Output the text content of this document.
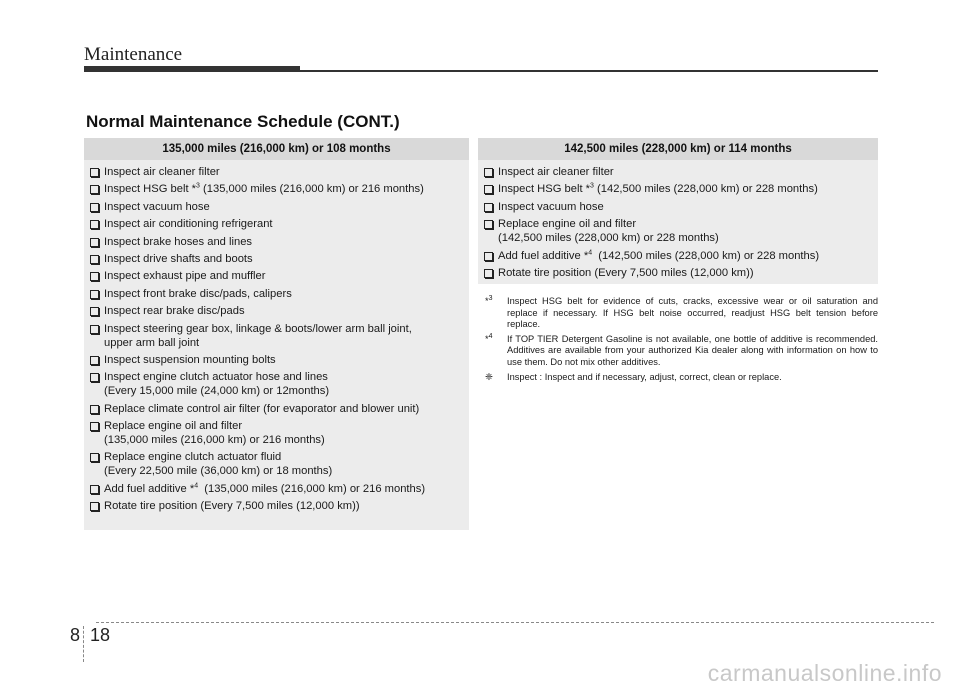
Maintenance
Normal Maintenance Schedule (CONT.)
135,000 miles (216,000 km) or 108 months
Inspect air cleaner filter
Inspect HSG belt *$^3$ (135,000 miles (216,000 km) or 216 months)
Inspect vacuum hose
Inspect air conditioning refrigerant
Inspect brake hoses and lines
Inspect drive shafts and boots
Inspect exhaust pipe and muffler
Inspect front brake disc/pads, calipers
Inspect rear brake disc/pads
Inspect steering gear box, linkage & boots/lower arm ball joint,
upper arm ball joint
Inspect suspension mounting bolts
Inspect engine clutch actuator hose and lines
(Every 15,000 mile (24,000 km) or 12months)
Replace climate control air filter (for evaporator and blower unit)
Replace engine oil and filter
(135,000 miles (216,000 km) or 216 months)
Replace engine clutch actuator fluid
(Every 22,500 mile (36,000 km) or 18 months)
Add fuel additive *$^4$  (135,000 miles (216,000 km) or 216 months)
Rotate tire position (Every 7,500 miles (12,000 km))
142,500 miles (228,000 km) or 114 months
Inspect air cleaner filter
Inspect HSG belt *$^3$ (142,500 miles (228,000 km) or 228 months)
Inspect vacuum hose
Replace engine oil and filter
(142,500 miles (228,000 km) or 228 months)
Add fuel additive *$^4$  (142,500 miles (228,000 km) or 228 months)
Rotate tire position (Every 7,500 miles (12,000 km))
*$^3$	Inspect HSG belt for evidence of cuts, cracks, excessive wear or oil saturation and replace if necessary. If HSG belt noise occurred, readjust HSG belt tension before replace.
*$^4$	If TOP TIER Detergent Gasoline is not available, one bottle of additive is recommended. Additives are available from your authorized Kia dealer along with information on how to use them. Do not mix other additives.
❈	Inspect : Inspect and if necessary, adjust, correct, clean or replace.
8 18
carmanualsonline.info
